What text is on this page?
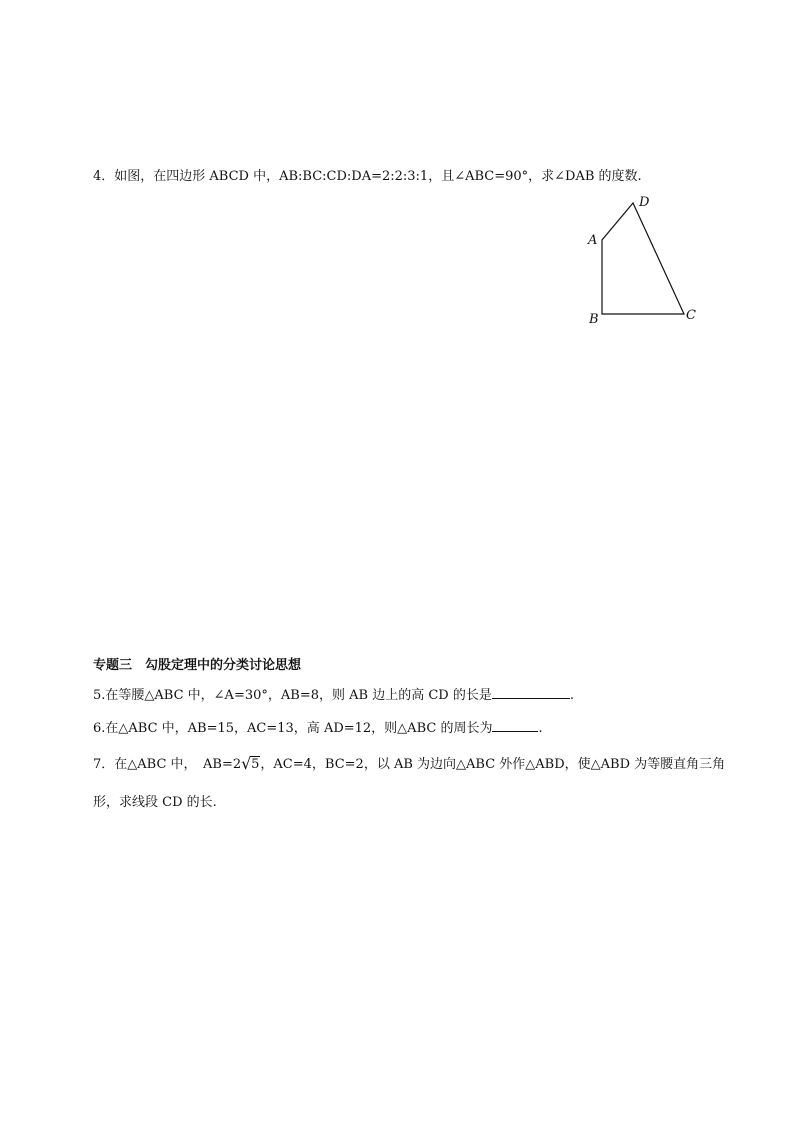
4．如图，在四边形 ABCD 中，AB:BC:CD:DA=2:2:3:1，且∠ABC=90°，求∠DAB 的度数.
A
B	C
D
专题三　勾股定理中的分类讨论思想
5.在等腰△ABC 中，∠A=30°，AB=8，则 AB 边上的高 CD 的长是	.
6.在△ABC 中，AB=15，AC=13，高 AD=12，则△ABC 的周长为	.
7．在△ABC 中，　AB=2 √ 5，AC=4，BC=2，以 AB 为边向△ABC 外作△ABD，使△ABD 为等腰直角三角
形，求线段 CD 的长.
